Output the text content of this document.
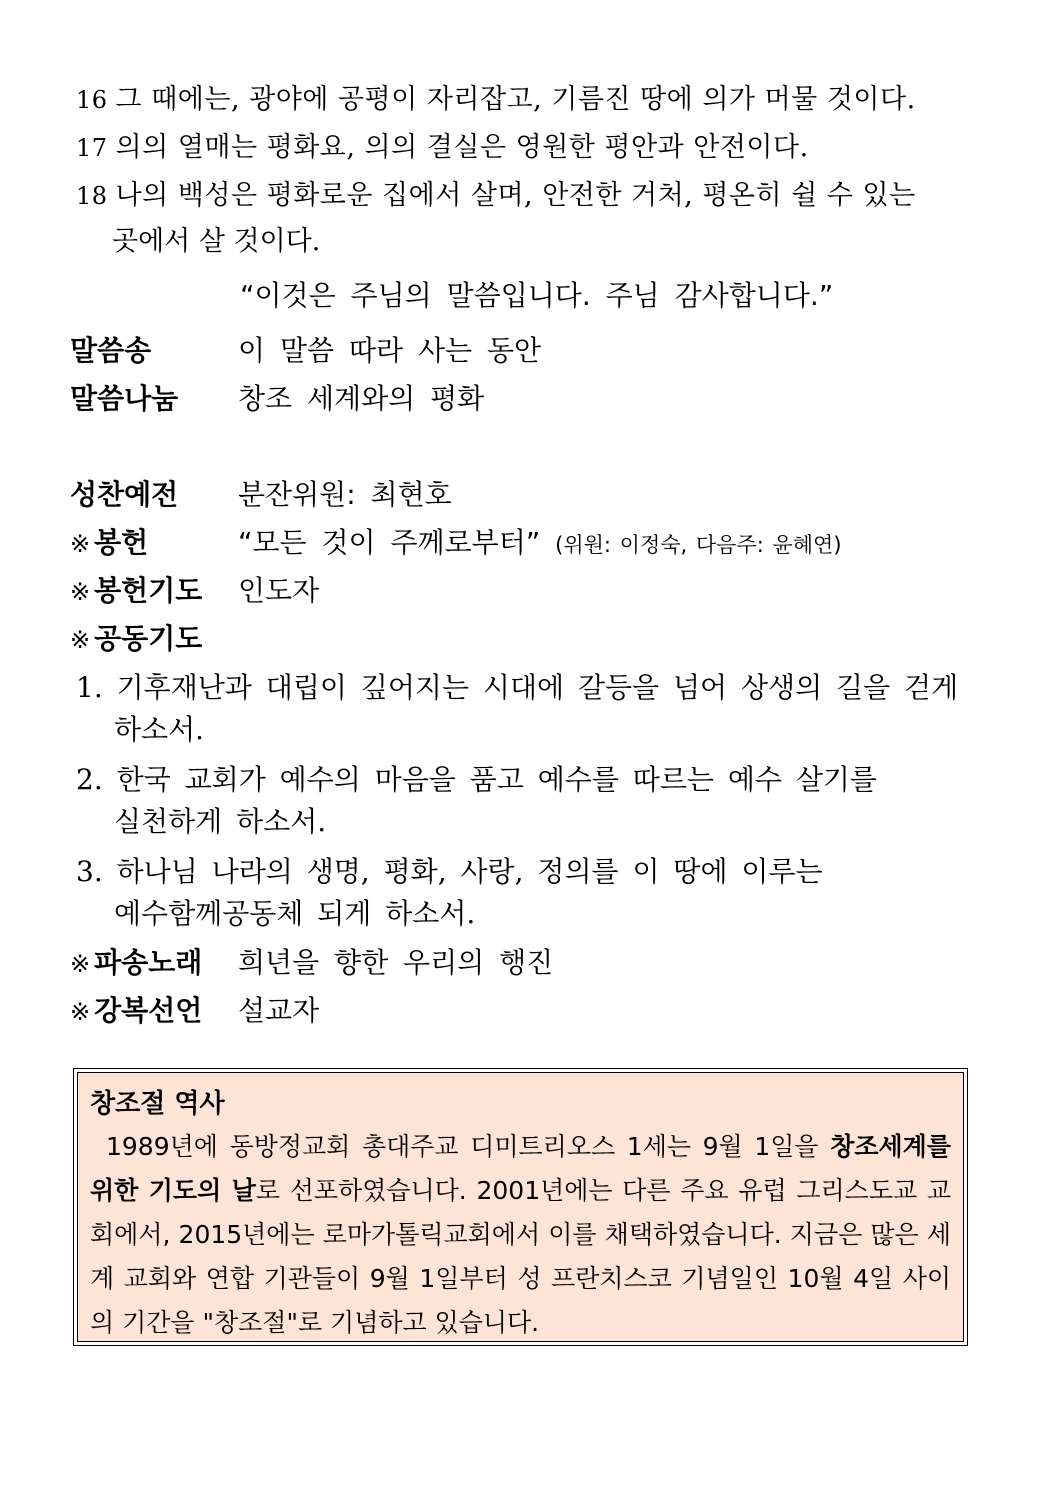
16 그 때에는, 광야에 공평이 자리잡고, 기름진 땅에 의가 머물 것이다.
17 의의 열매는 평화요, 의의 결실은 영원한 평안과 안전이다.
18 나의 백성은 평화로운 집에서 살며, 안전한 거처, 평온히 쉴 수 있는
곳에서 살 것이다.
“이것은 주님의 말씀입니다. 주님 감사합니다.”
말씀송	이 말씀 따라 사는 동안
말씀나눔 창조 세계와의 평화
성찬예전 분잔위원: 최현호
※ 봉헌	“모든 것이 주께로부터” (위원: 이정숙, 다음주: 윤혜연)
※ 봉헌기도 인도자
※ 공동기도
1. 기후재난과 대립이 깊어지는 시대에 갈등을 넘어 상생의 길을 걷게
하소서.
2. 한국 교회가 예수의 마음을 품고 예수를 따르는 예수 살기를
실천하게 하소서.
3. 하나님 나라의 생명, 평화, 사랑, 정의를 이 땅에 이루는
예수함께공동체 되게 하소서.
※ 파송노래 희년을 향한 우리의 행진
※ 강복선언 설교자
창조절 역사
1989년에 동방정교회 총대주교 디미트리오스 1세는 9월 1일을 창조세계를 위한 기도의 날로 선포하였습니다. 2001년에는 다른 주요 유럽 그리스도교 교회에서, 2015년에는 로마가톨릭교회에서 이를 채택하였습니다. 지금은 많은 세계 교회와 연합 기관들이 9월 1일부터 성 프란치스코 기념일인 10월 4일 사이의 기간을 "창조절"로 기념하고 있습니다.
